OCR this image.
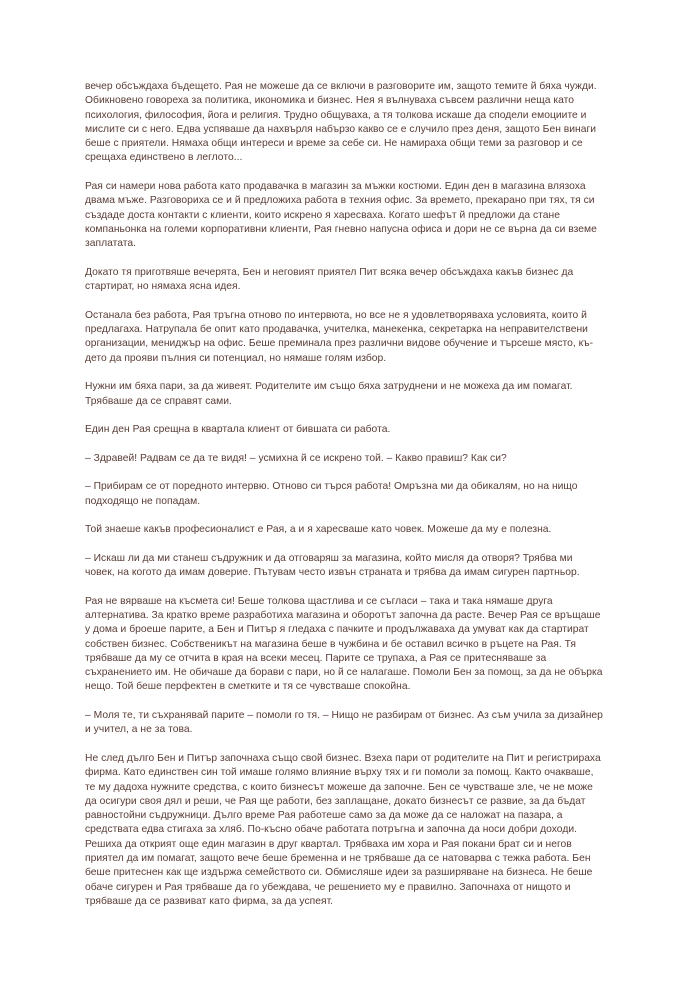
вечер обсъждаха бъдещето. Рая не можеше да се включи в разговорите им, защото темите й бяха чужди.
Обикновено говореха за политика, икономика и бизнес. Нея я вълнуваха съвсем различни неща като
психология, философия, йога и религия. Трудно общуваха, а тя толкова искаше да сподели емоциите и
мислите си с него. Едва успяваше да нахвърля набързо какво се е случило през деня, защото Бен винаги
беше с приятели. Нямаха общи интереси и време за себе си. Не намираха общи теми за разговор и се
срещаха единствено в леглото...

Рая си намери нова работа като продавачка в магазин за мъжки костюми. Един ден в магазина влязоха
двама мъже. Разговориха се и й предложиха работа в техния офис. За времето, прекарано при тях, тя си
създаде доста контакти с клиенти, които искрено я харесваха. Когато шефът й предложи да стане
компаньонка на големи корпоративни клиенти, Рая гневно напусна офиса и дори не се върна да си вземе
заплатата.

Докато тя приготвяше вечерята, Бен и неговият приятел Пит всяка вечер обсъждаха какъв бизнес да
стартират, но нямаха ясна идея.

Останала без работа, Рая тръгна отново по интервюта, но все не я удовлетворяваха условията, които й
предлагаха. Натрупала бе опит като продавачка, учителка, манекенка, секретарка на неправителствени
организации, мениджър на офис. Беше преминала през различни видове обучение и търсеше място, къ-
дето да прояви пълния си потенциал, но нямаше голям избор.

Нужни им бяха пари, за да живеят. Родителите им също бяха затруднени и не можеха да им помагат.
Трябваше да се справят сами.

Един ден Рая срещна в квартала клиент от бившата си работа.

– Здравей! Радвам се да те видя! – усмихна й се искрено той. – Какво правиш? Как си?

– Прибирам се от поредното интервю. Отново си търся работа! Омръзна ми да обикалям, но на нищо
подходящо не попадам.

Той знаеше какъв професионалист е Рая, а и я харесваше като човек. Можеше да му е полезна.

– Искаш ли да ми станеш съдружник и да отговаряш за магазина, който мисля да отворя? Трябва ми
човек, на когото да имам доверие. Пътувам често извън страната и трябва да имам сигурен партньор.

Рая не вярваше на късмета си! Беше толкова щастлива и се съгласи – така и така нямаше друга
алтернатива. За кратко време разработиха магазина и оборотът започна да расте. Вечер Рая се връщаше
у дома и броеше парите, а Бен и Питър я гледаха с пачките и продължаваха да умуват как да стартират
собствен бизнес. Собственикът на магазина беше в чужбина и бе оставил всичко в ръцете на Рая. Тя
трябваше да му се отчита в края на всеки месец. Парите се трупаха, а Рая се притесняваше за
съхранението им. Не обичаше да борави с пари, но й се налагаше. Помоли Бен за помощ, за да не обърка
нещо. Той беше перфектен в сметките и тя се чувстваше спокойна.

– Моля те, ти съхранявай парите – помоли го тя. – Нищо не разбирам от бизнес. Аз съм учила за дизайнер
и учител, а не за това.

Не след дълго Бен и Питър започнаха също свой бизнес. Взеха пари от родителите на Пит и регистрираха
фирма. Като единствен син той имаше голямо влияние върху тях и ги помоли за помощ. Както очакваше,
те му дадоха нужните средства, с които бизнесът можеше да започне. Бен се чувстваше зле, че не може
да осигури своя дял и реши, че Рая ще работи, без заплащане, докато бизнесът се развие, за да бъдат
равностойни съдружници. Дълго време Рая работеше само за да може да се наложат на пазара, а
средствата едва стигаха за хляб. По-късно обаче работата потръгна и започна да носи добри доходи.
Решиха да открият още един магазин в друг квартал. Трябваха им хора и Рая покани брат си и негов
приятел да им помагат, защото вече беше бременна и не трябваше да се натоварва с тежка работа. Бен
беше притеснен как ще издържа семейството си. Обмисляше идеи за разширяване на бизнеса. Не беше
обаче сигурен и Рая трябваше да го убеждава, че решението му е правилно. Започнаха от нищото и
трябваше да се развиват като фирма, за да успеят.
